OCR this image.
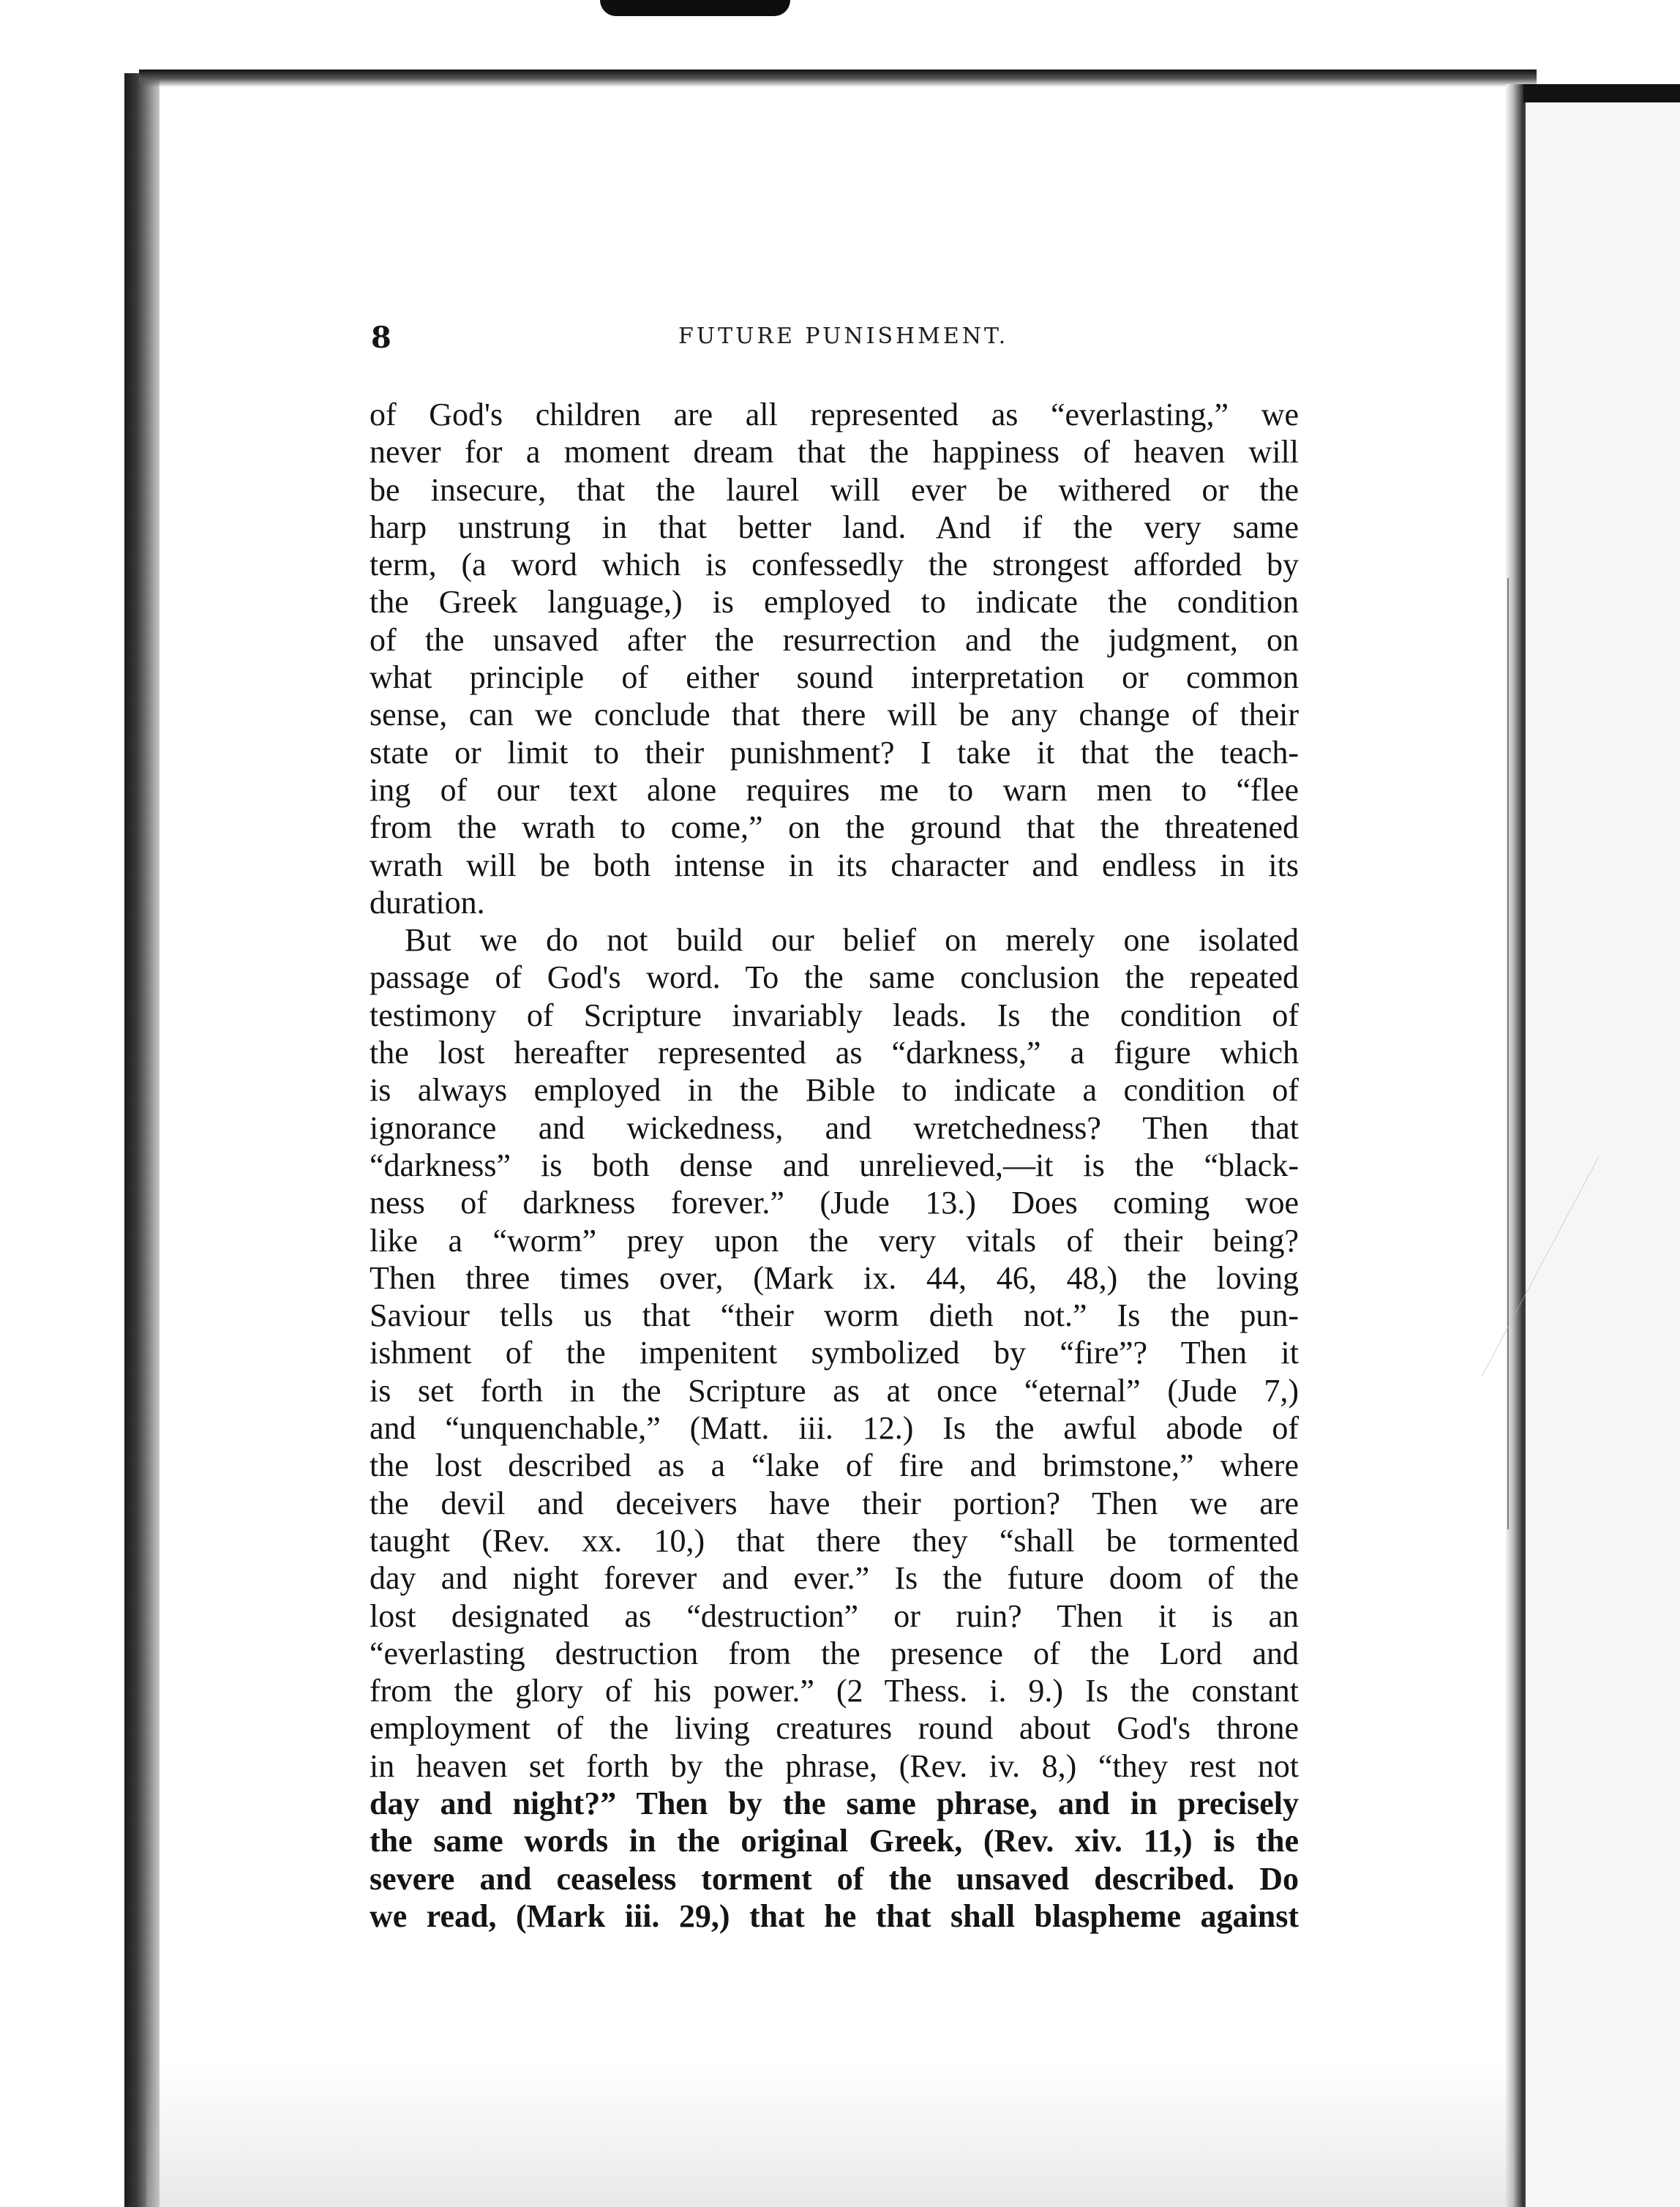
8	FUTURE PUNISHMENT.
of God's children are all represented as “everlasting,” we
never for a moment dream that the happiness of heaven will
be insecure, that the laurel will ever be withered or the
harp unstrung in that better land. And if the very same
term, (a word which is confessedly the strongest afforded by
the Greek language,) is employed to indicate the condition
of the unsaved after the resurrection and the judgment, on
what principle of either sound interpretation or common
sense, can we conclude that there will be any change of their
state or limit to their punishment? I take it that the teach-
ing of our text alone requires me to warn men to “flee
from the wrath to come,” on the ground that the threatened
wrath will be both intense in its character and endless in its
duration.
But we do not build our belief on merely one isolated
passage of God's word. To the same conclusion the repeated
testimony of Scripture invariably leads. Is the condition of
the lost hereafter represented as “darkness,” a figure which
is always employed in the Bible to indicate a condition of
ignorance and wickedness, and wretchedness? Then that
“darkness” is both dense and unrelieved,—it is the “black-
ness of darkness forever.” (Jude 13.) Does coming woe
like a “worm” prey upon the very vitals of their being?
Then three times over, (Mark ix. 44, 46, 48,) the loving
Saviour tells us that “their worm dieth not.” Is the pun-
ishment of the impenitent symbolized by “fire”? Then it
is set forth in the Scripture as at once “eternal” (Jude 7,)
and “unquenchable,” (Matt. iii. 12.) Is the awful abode of
the lost described as a “lake of fire and brimstone,” where
the devil and deceivers have their portion? Then we are
taught (Rev. xx. 10,) that there they “shall be tormented
day and night forever and ever.” Is the future doom of the
lost designated as “destruction” or ruin? Then it is an
“everlasting destruction from the presence of the Lord and
from the glory of his power.” (2 Thess. i. 9.) Is the constant
employment of the living creatures round about God's throne
in heaven set forth by the phrase, (Rev. iv. 8,) “they rest not
day and night?” Then by the same phrase, and in precisely
the same words in the original Greek, (Rev. xiv. 11,) is the
severe and ceaseless torment of the unsaved described. Do
we read, (Mark iii. 29,) that he that shall blaspheme against
